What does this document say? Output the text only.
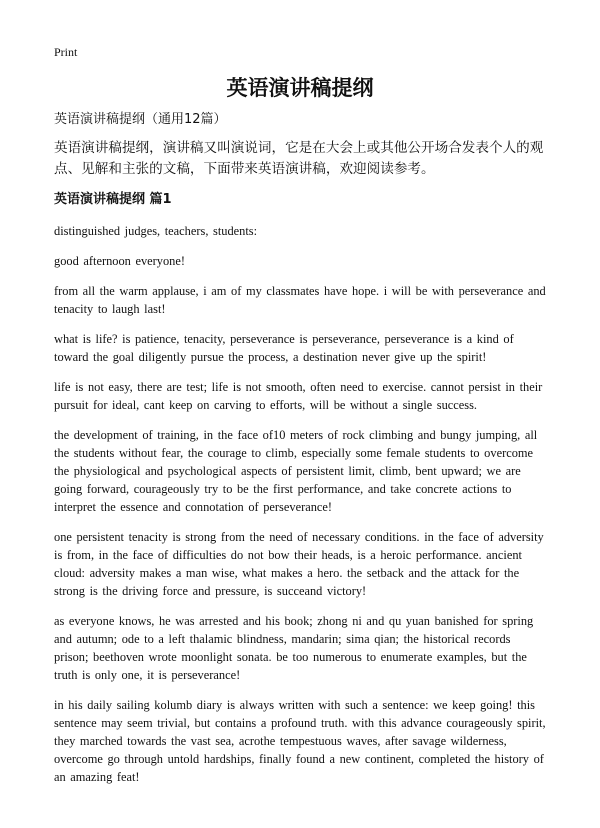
Print
英语演讲稿提纲
英语演讲稿提纲（通用12篇）

英语演讲稿提纲，演讲稿又叫演说词，它是在大会上或其他公开场合发表个人的观点、见解和主张的文稿，下面带来英语演讲稿，欢迎阅读参考。

英语演讲稿提纲 篇1

distinguished judges, teachers, students:

good afternoon everyone!

from all the warm applause, i am of my classmates have hope. i will be with perseverance and tenacity to laugh last!

what is life? is patience, tenacity, perseverance is perseverance, perseverance is a kind of toward the goal diligently pursue the process, a destination never give up the spirit!

life is not easy, there are test; life is not smooth, often need to exercise. cannot persist in their pursuit for ideal, cant keep on carving to efforts, will be without a single success.

the development of training, in the face of10 meters of rock climbing and bungy jumping, all the students without fear, the courage to climb, especially some female students to overcome the physiological and psychological aspects of persistent limit, climb, bent upward; we are going forward, courageously try to be the first performance, and take concrete actions to interpret the essence and connotation of perseverance!

one persistent tenacity is strong from the need of necessary conditions. in the face of adversity is from, in the face of difficulties do not bow their heads, is a heroic performance. ancient cloud: adversity makes a man wise, what makes a hero. the setback and the attack for the strong is the driving force and pressure, is succeand victory!

as everyone knows, he was arrested and his book; zhong ni and qu yuan banished for spring and autumn; ode to a left thalamic blindness, mandarin; sima qian; the historical records prison; beethoven wrote moonlight sonata. be too numerous to enumerate examples, but the truth is only one, it is perseverance!

in his daily sailing kolumb diary is always written with such a sentence: we keep going! this sentence may seem trivial, but contains a profound truth. with this advance courageously spirit, they marched towards the vast sea, acrothe tempestuous waves, after savage wilderness, overcome go through untold hardships, finally found a new continent, completed the history of an amazing feat!
